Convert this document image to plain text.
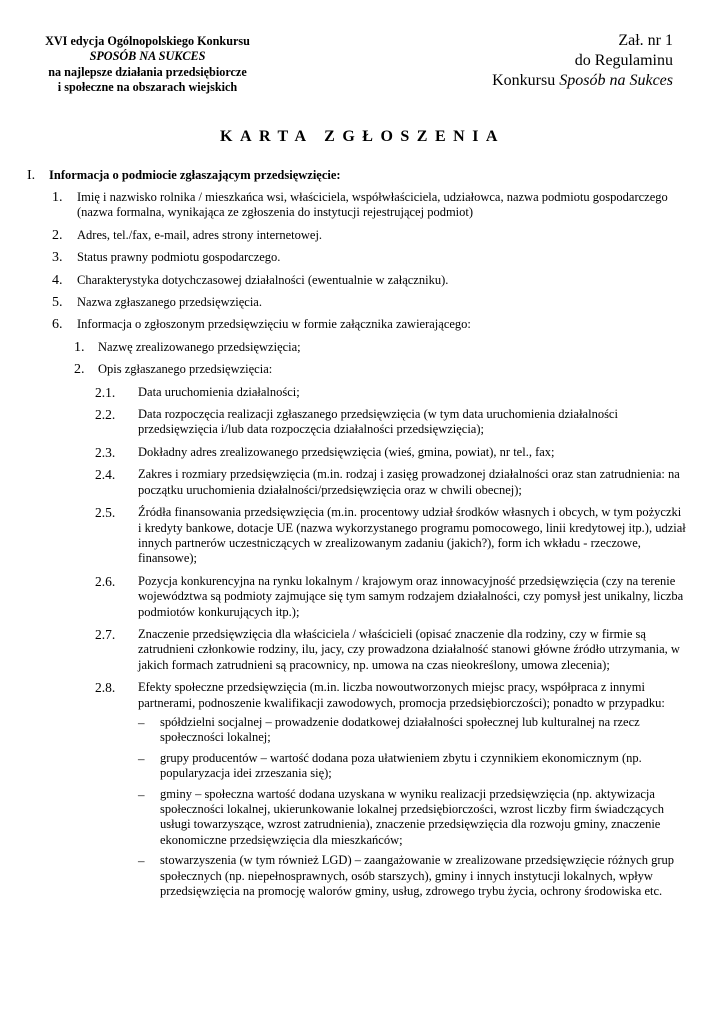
XVI edycja Ogólnopolskiego Konkursu
SPOSÓB NA SUKCES
na najlepsze działania przedsiębiorcze
i społeczne na obszarach wiejskich
Zał. nr 1
do Regulaminu
Konkursu Sposób na Sukces
KARTA ZGŁOSZENIA
I. Informacja o podmiocie zgłaszającym przedsięwzięcie:
1. Imię i nazwisko rolnika / mieszkańca wsi, właściciela, współwłaściciela, udziałowca, nazwa podmiotu gospodarczego (nazwa formalna, wynikająca ze zgłoszenia do instytucji rejestrującej podmiot)
2. Adres, tel./fax, e-mail, adres strony internetowej.
3. Status prawny podmiotu gospodarczego.
4. Charakterystyka dotychczasowej działalności (ewentualnie w załączniku).
5. Nazwa zgłaszanego przedsięwzięcia.
6. Informacja o zgłoszonym przedsięwzięciu w formie załącznika zawierającego:
1. Nazwę zrealizowanego przedsięwzięcia;
2. Opis zgłaszanego przedsięwzięcia:
2.1. Data uruchomienia działalności;
2.2. Data rozpoczęcia realizacji zgłaszanego przedsięwzięcia (w tym data uruchomienia działalności przedsięwzięcia i/lub data rozpoczęcia działalności przedsięwzięcia);
2.3. Dokładny adres zrealizowanego przedsięwzięcia (wieś, gmina, powiat), nr tel., fax;
2.4. Zakres i rozmiary przedsięwzięcia (m.in. rodzaj i zasięg prowadzonej działalności oraz stan zatrudnienia: na początku uruchomienia działalności/przedsięwzięcia oraz w chwili obecnej);
2.5. Źródła finansowania przedsięwzięcia (m.in. procentowy udział środków własnych i obcych, w tym pożyczki i kredyty bankowe, dotacje UE (nazwa wykorzystanego programu pomocowego, linii kredytowej itp.), udział innych partnerów uczestniczących w zrealizowanym zadaniu (jakich?), form ich wkładu - rzeczowe, finansowe);
2.6. Pozycja konkurencyjna na rynku lokalnym / krajowym oraz innowacyjność przedsięwzięcia (czy na terenie województwa są podmioty zajmujące się tym samym rodzajem działalności, czy pomysł jest unikalny, liczba podmiotów konkurujących itp.);
2.7. Znaczenie przedsięwzięcia dla właściciela / właścicieli (opisać znaczenie dla rodziny, czy w firmie są zatrudnieni członkowie rodziny, ilu, jacy, czy prowadzona działalność stanowi główne źródło utrzymania, w jakich formach zatrudnieni są pracownicy, np. umowa na czas nieokreślony, umowa zlecenia);
2.8. Efekty społeczne przedsięwzięcia (m.in. liczba nowoutworzonych miejsc pracy, współpraca z innymi partnerami, podnoszenie kwalifikacji zawodowych, promocja przedsiębiorczości); ponadto w przypadku:
– spółdzielni socjalnej – prowadzenie dodatkowej działalności społecznej lub kulturalnej na rzecz społeczności lokalnej;
– grupy producentów – wartość dodana poza ułatwieniem zbytu i czynnikiem ekonomicznym (np. popularyzacja idei zrzeszania się);
– gminy – społeczna wartość dodana uzyskana w wyniku realizacji przedsięwzięcia (np. aktywizacja społeczności lokalnej, ukierunkowanie lokalnej przedsiębiorczości, wzrost liczby firm świadczących usługi towarzyszące, wzrost zatrudnienia), znaczenie przedsięwzięcia dla rozwoju gminy, znaczenie ekonomiczne przedsięwzięcia dla mieszkańców;
– stowarzyszenia (w tym również LGD) – zaangażowanie w zrealizowane przedsięwzięcie różnych grup społecznych (np. niepełnosprawnych, osób starszych), gminy i innych instytucji lokalnych, wpływ przedsięwzięcia na promocję walorów gminy, usług, zdrowego trybu życia, ochrony środowiska etc.
